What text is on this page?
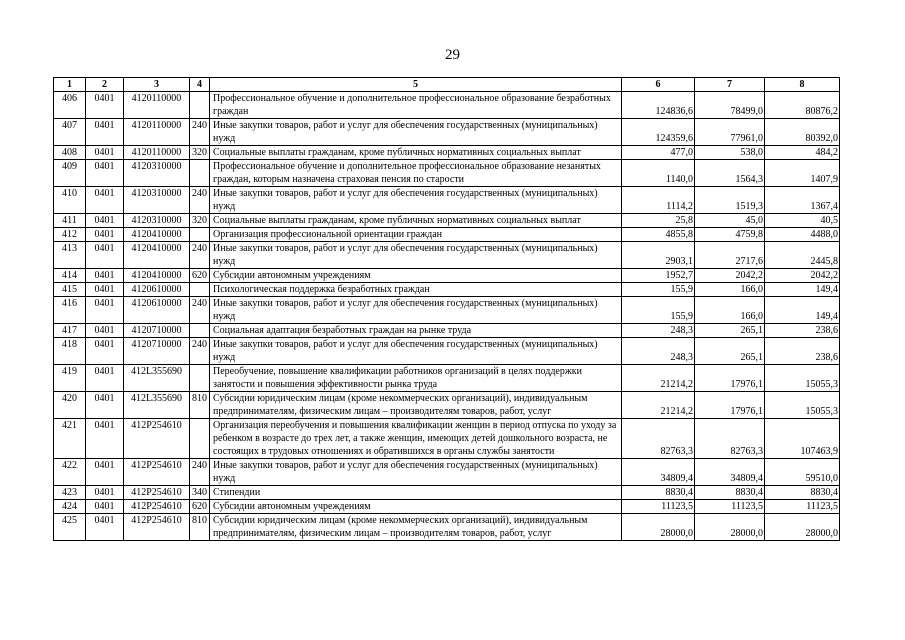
29
1	2	3	4	5	6	7	8
406	0401	4120110000		Профессиональное обучение и дополнительное профессиональное образование безработных граждан	124836,6	78499,0	80876,2
407	0401	4120110000	240	Иные закупки товаров, работ и услуг для обеспечения государственных (муниципальных) нужд	124359,6	77961,0	80392,0
408	0401	4120110000	320	Социальные выплаты гражданам, кроме публичных нормативных социальных выплат	477,0	538,0	484,2
409	0401	4120310000		Профессиональное обучение и дополнительное профессиональное образование незанятых граждан, которым назначена страховая пенсия по старости	1140,0	1564,3	1407,9
410	0401	4120310000	240	Иные закупки товаров, работ и услуг для обеспечения государственных (муниципальных) нужд	1114,2	1519,3	1367,4
411	0401	4120310000	320	Социальные выплаты гражданам, кроме публичных нормативных социальных выплат	25,8	45,0	40,5
412	0401	4120410000		Организация профессиональной ориентации граждан	4855,8	4759,8	4488,0
413	0401	4120410000	240	Иные закупки товаров, работ и услуг для обеспечения государственных (муниципальных) нужд	2903,1	2717,6	2445,8
414	0401	4120410000	620	Субсидии автономным учреждениям	1952,7	2042,2	2042,2
415	0401	4120610000		Психологическая поддержка безработных граждан	155,9	166,0	149,4
416	0401	4120610000	240	Иные закупки товаров, работ и услуг для обеспечения государственных (муниципальных) нужд	155,9	166,0	149,4
417	0401	4120710000		Социальная адаптация безработных граждан на рынке труда	248,3	265,1	238,6
418	0401	4120710000	240	Иные закупки товаров, работ и услуг для обеспечения государственных (муниципальных) нужд	248,3	265,1	238,6
419	0401	412L355690		Переобучение, повышение квалификации работников организаций в целях поддержки занятости и повышения эффективности рынка труда	21214,2	17976,1	15055,3
420	0401	412L355690	810	Субсидии юридическим лицам (кроме некоммерческих организаций), индивидуальным предпринимателям, физическим лицам – производителям товаров, работ, услуг	21214,2	17976,1	15055,3
421	0401	412P254610		Организация переобучения и повышения квалификации женщин в период отпуска по уходу за ребенком в возрасте до трех лет, а также женщин, имеющих детей дошкольного возраста, не состоящих в трудовых отношениях и обратившихся в органы службы занятости	82763,3	82763,3	107463,9
422	0401	412P254610	240	Иные закупки товаров, работ и услуг для обеспечения государственных (муниципальных) нужд	34809,4	34809,4	59510,0
423	0401	412P254610	340	Стипендии	8830,4	8830,4	8830,4
424	0401	412P254610	620	Субсидии автономным учреждениям	11123,5	11123,5	11123,5
425	0401	412P254610	810	Субсидии юридическим лицам (кроме некоммерческих организаций), индивидуальным предпринимателям, физическим лицам – производителям товаров, работ, услуг	28000,0	28000,0	28000,0
